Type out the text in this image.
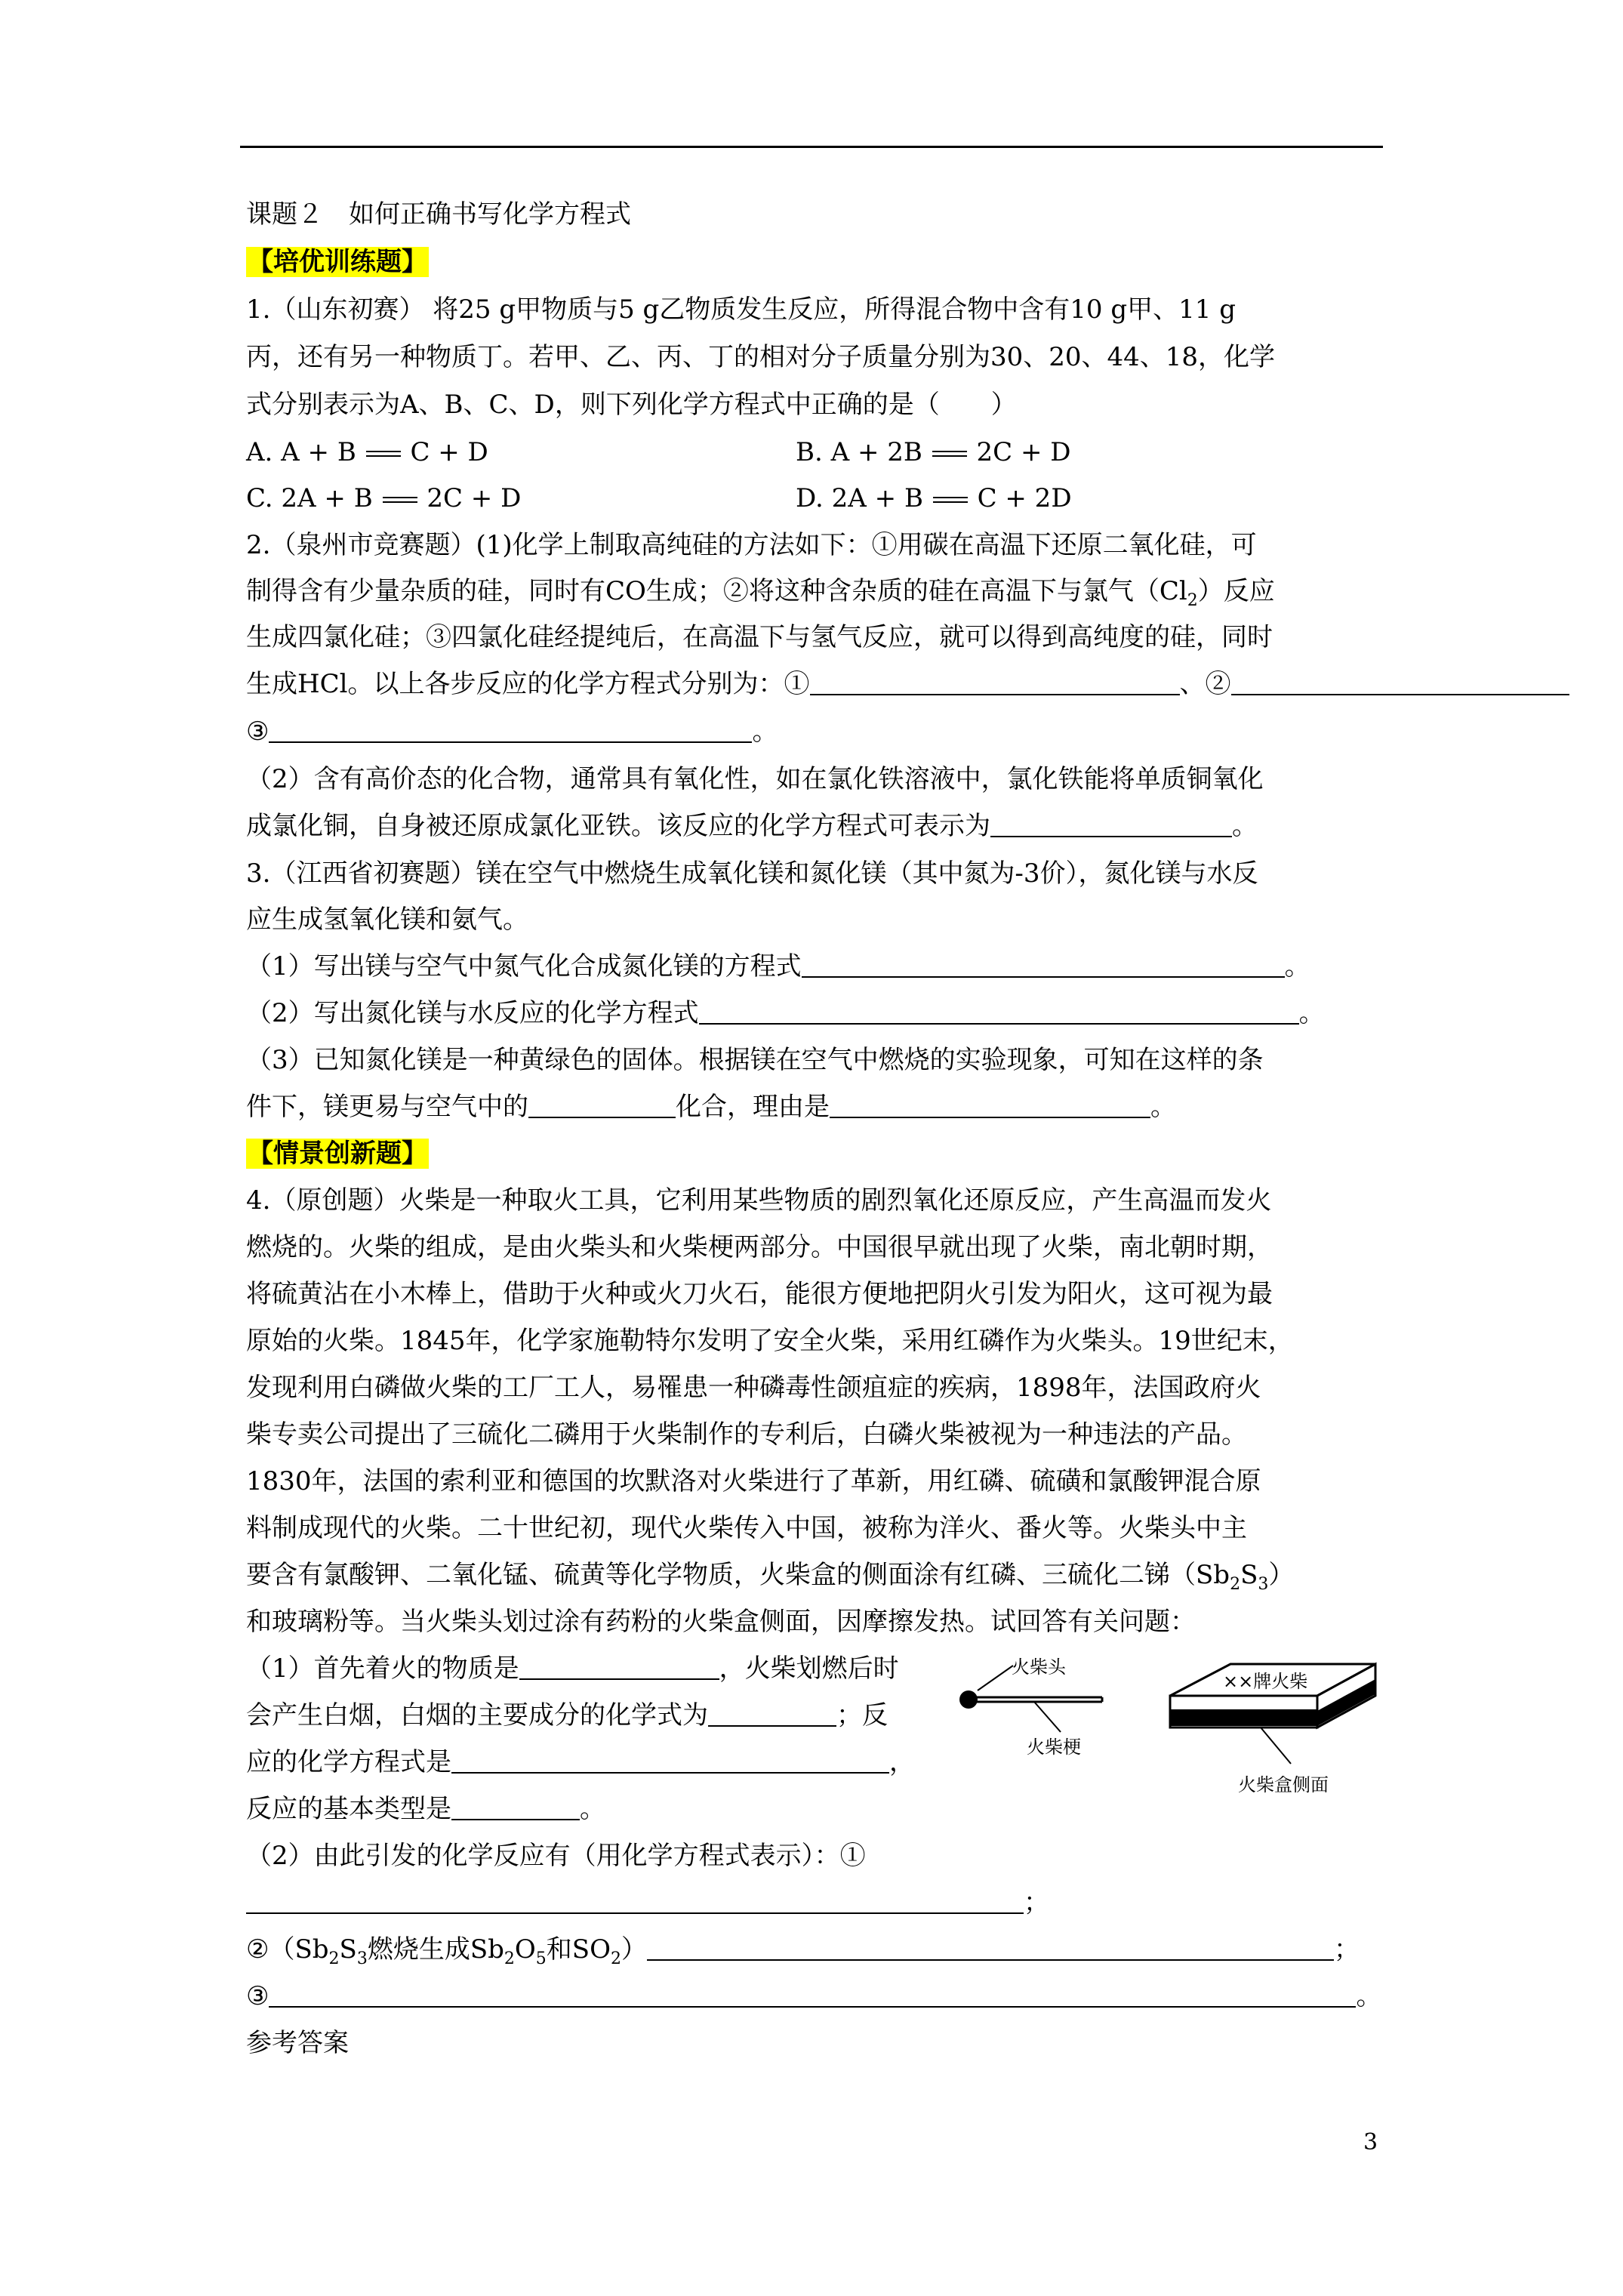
课题２　如何正确书写化学方程式
【培优训练题】
1.（山东初赛） 将25 g甲物质与5 g乙物质发生反应，所得混合物中含有10 g甲、11 g
丙，还有另一种物质丁。若甲、乙、丙、丁的相对分子质量分别为30、20、44、18，化学
式分别表示为A、B、C、D，则下列化学方程式中正确的是（　　）
A. A + B C + D	B. A + 2B 2C + D
C. 2A + B 2C + D	D. 2A + B C + 2D
2.（泉州市竞赛题）(1)化学上制取高纯硅的方法如下：①用碳在高温下还原二氧化硅，可
制得含有少量杂质的硅，同时有CO生成；②将这种含杂质的硅在高温下与氯气$(Cl_2)$反应
生成四氯化硅；③四氯化硅经提纯后，在高温下与氢气反应，就可以得到高纯度的硅，同时
生成HCl。以上各步反应的化学方程式分别为：①	、②
③	。
（2）含有高价态的化合物，通常具有氧化性，如在氯化铁溶液中，氯化铁能将单质铜氧化
成氯化铜，自身被还原成氯化亚铁。该反应的化学方程式可表示为	。
3.（江西省初赛题）镁在空气中燃烧生成氧化镁和氮化镁（其中氮为-3价），氮化镁与水反
应生成氢氧化镁和氨气。
（1）写出镁与空气中氮气化合成氮化镁的方程式	。
（2）写出氮化镁与水反应的化学方程式	。
（3）已知氮化镁是一种黄绿色的固体。根据镁在空气中燃烧的实验现象，可知在这样的条
件下，镁更易与空气中的	化合，理由是	。
【情景创新题】
4.（原创题）火柴是一种取火工具，它利用某些物质的剧烈氧化还原反应，产生高温而发火
燃烧的。火柴的组成，是由火柴头和火柴梗两部分。中国很早就出现了火柴，南北朝时期，
将硫黄沾在小木棒上，借助于火种或火刀火石，能很方便地把阴火引发为阳火，这可视为最
原始的火柴。1845年，化学家施勒特尔发明了安全火柴，采用红磷作为火柴头。19世纪末，
发现利用白磷做火柴的工厂工人，易罹患一种磷毒性颌疽症的疾病，1898年，法国政府火
柴专卖公司提出了三硫化二磷用于火柴制作的专利后，白磷火柴被视为一种违法的产品。
1830年，法国的索利亚和德国的坎默洛对火柴进行了革新，用红磷、硫磺和氯酸钾混合原
料制成现代的火柴。二十世纪初，现代火柴传入中国，被称为洋火、番火等。火柴头中主
要含有氯酸钾、二氧化锰、硫黄等化学物质，火柴盒的侧面涂有红磷、三硫化二锑$(Sb_2S_3)$
和玻璃粉等。当火柴头划过涂有药粉的火柴盒侧面，因摩擦发热。试回答有关问题：
（1）首先着火的物质是	，火柴划燃后时
会产生白烟，白烟的主要成分的化学式为	；反
应的化学方程式是	，
反应的基本类型是	。
火柴头
火柴梗
××牌火柴
火柴盒侧面
（2）由此引发的化学反应有（用化学方程式表示）：①
；
$②(Sb_2S_3$燃烧生成$Sb_2O_5$和$SO_2$）	；
③	。
参考答案
3
